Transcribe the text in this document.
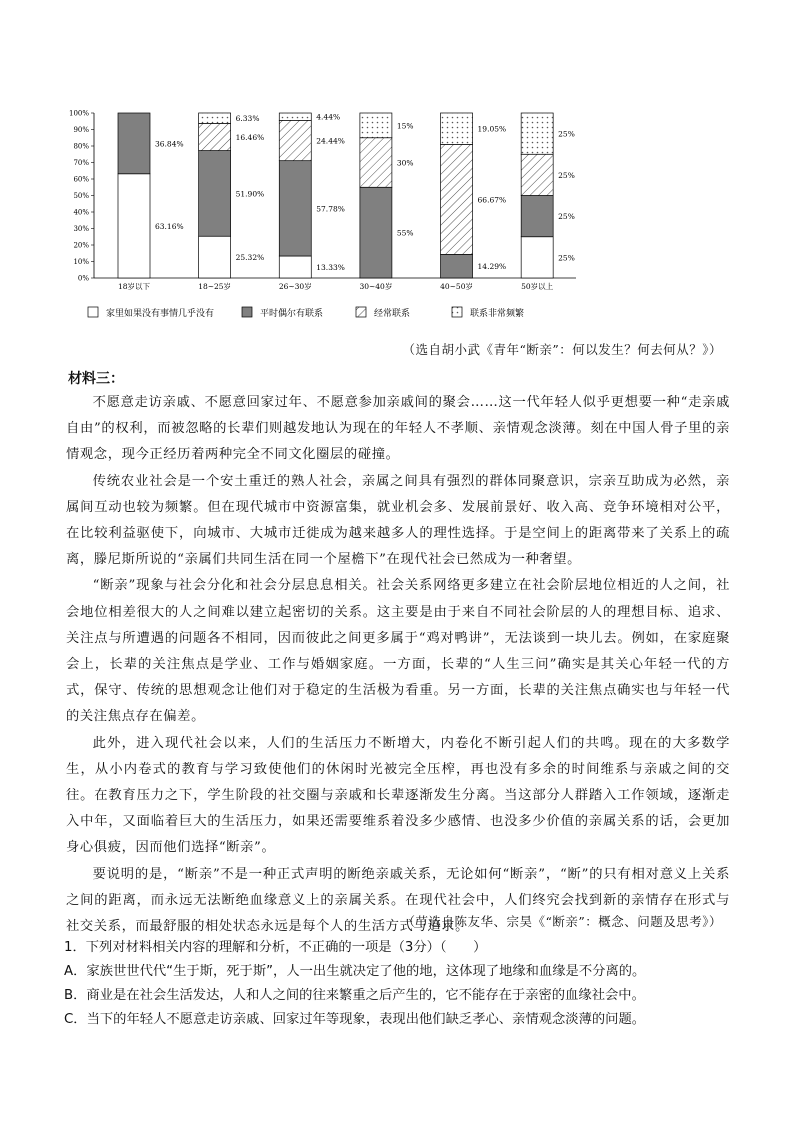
0%
10%
20%
30%
40%
50%
60%
70%
80%
90%
100%
18岁以下	18~25岁	26~30岁	30~40岁	40~50岁	50岁以上
63.16%
36.84%
25.32%
51.90%
16.46%
6.33%
13.33%
57.78%
24.44%
4.44%
55%
30%
15%
14.29%
66.67%
19.05%
25%
25%
25%
25%
家里如果没有事情几乎没有	平时偶尔有联系	经常联系	联系非常频繁
（选自胡小武《青年“断亲”：何以发生？何去何从？》）
材料三：

不愿意走访亲戚、不愿意回家过年、不愿意参加亲戚间的聚会……这一代年轻人似乎更想要一种“走亲戚自由”的权利，而被忽略的长辈们则越发地认为现在的年轻人不孝顺、亲情观念淡薄。刻在中国人骨子里的亲情观念，现今正经历着两种完全不同文化圈层的碰撞。

传统农业社会是一个安土重迁的熟人社会，亲属之间具有强烈的群体同聚意识，宗亲互助成为必然，亲属间互动也较为频繁。但在现代城市中资源富集，就业机会多、发展前景好、收入高、竞争环境相对公平，在比较利益驱使下，向城市、大城市迁徙成为越来越多人的理性选择。于是空间上的距离带来了关系上的疏离，滕尼斯所说的“亲属们共同生活在同一个屋檐下”在现代社会已然成为一种奢望。

“断亲”现象与社会分化和社会分层息息相关。社会关系网络更多建立在社会阶层地位相近的人之间，社会地位相差很大的人之间难以建立起密切的关系。这主要是由于来自不同社会阶层的人的理想目标、追求、关注点与所遭遇的问题各不相同，因而彼此之间更多属于“鸡对鸭讲”，无法谈到一块儿去。例如，在家庭聚会上，长辈的关注焦点是学业、工作与婚姻家庭。一方面，长辈的“人生三问”确实是其关心年轻一代的方式，保守、传统的思想观念让他们对于稳定的生活极为看重。另一方面，长辈的关注焦点确实也与年轻一代的关注焦点存在偏差。

此外，进入现代社会以来，人们的生活压力不断增大，内卷化不断引起人们的共鸣。现在的大多数学生，从小内卷式的教育与学习致使他们的休闲时光被完全压榨，再也没有多余的时间维系与亲戚之间的交往。在教育压力之下，学生阶段的社交圈与亲戚和长辈逐渐发生分离。当这部分人群踏入工作领域，逐渐走入中年，又面临着巨大的生活压力，如果还需要维系着没多少感情、也没多少价值的亲属关系的话，会更加身心俱疲，因而他们选择“断亲”。

要说明的是，“断亲”不是一种正式声明的断绝亲戚关系，无论如何“断亲”，“断”的只有相对意义上关系之间的距离，而永远无法断绝血缘意义上的亲属关系。在现代社会中，人们终究会找到新的亲情存在形式与社交关系，而最舒服的相处状态永远是每个人的生活方式与追求。

（节选自陈友华、宗昊《“断亲”：概念、问题及思考》）
1．下列对材料相关内容的理解和分析，不正确的一项是（3分）（　　）
A．家族世世代代“生于斯，死于斯”，人一出生就决定了他的地，这体现了地缘和血缘是不分离的。
B．商业是在社会生活发达，人和人之间的往来繁重之后产生的，它不能存在于亲密的血缘社会中。
C．当下的年轻人不愿意走访亲戚、回家过年等现象，表现出他们缺乏孝心、亲情观念淡薄的问题。
